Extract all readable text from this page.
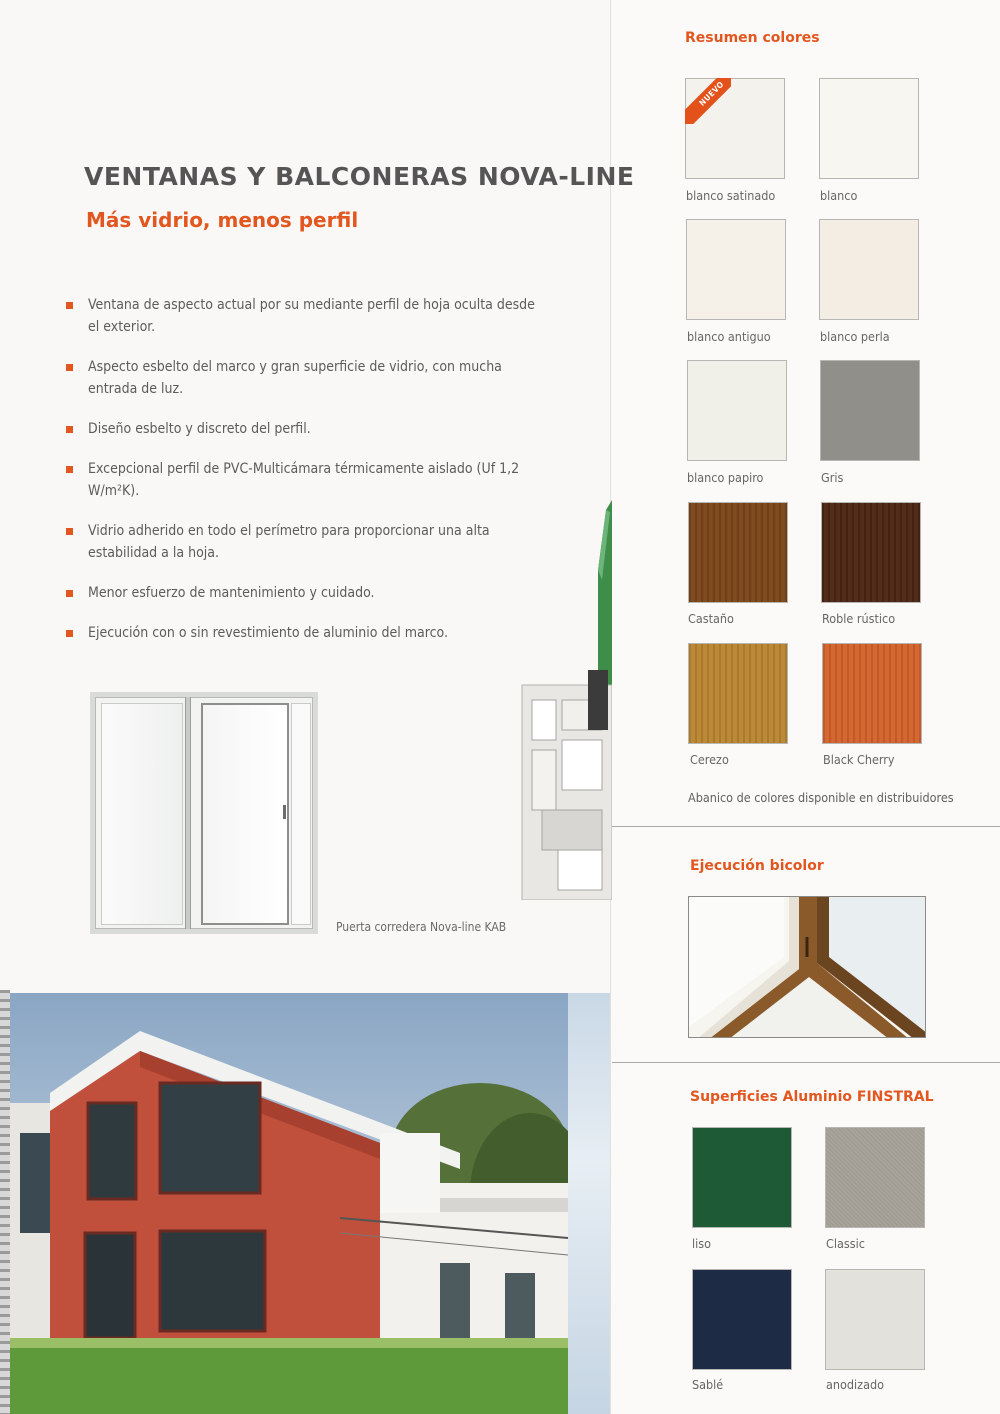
VENTANAS Y BALCONERAS NOVA-LINE
Más vidrio, menos perfil
Ventana de aspecto actual por su mediante perfil de hoja oculta desde el exterior.
Aspecto esbelto del marco y gran superficie de vidrio, con mucha entrada de luz.
Diseño esbelto y discreto del perfil.
Excepcional perfil de PVC-Multicámara térmicamente aislado (Uf 1,2 W/m²K).
Vidrio adherido en todo el perímetro para proporcionar una alta estabilidad a la hoja.
Menor esfuerzo de mantenimiento y cuidado.
Ejecución con o sin revestimiento de aluminio del marco.
Puerta corredera Nova-line KAB
Resumen colores
NUEVO
blanco satinado	blanco
blanco antiguo	blanco perla
blanco papiro	Gris
Castaño	Roble rústico
Cerezo	Black Cherry
Abanico de colores disponible en distribuidores
Ejecución bicolor
Superficies Aluminio FINSTRAL
liso	Classic
Sablé	anodizado
